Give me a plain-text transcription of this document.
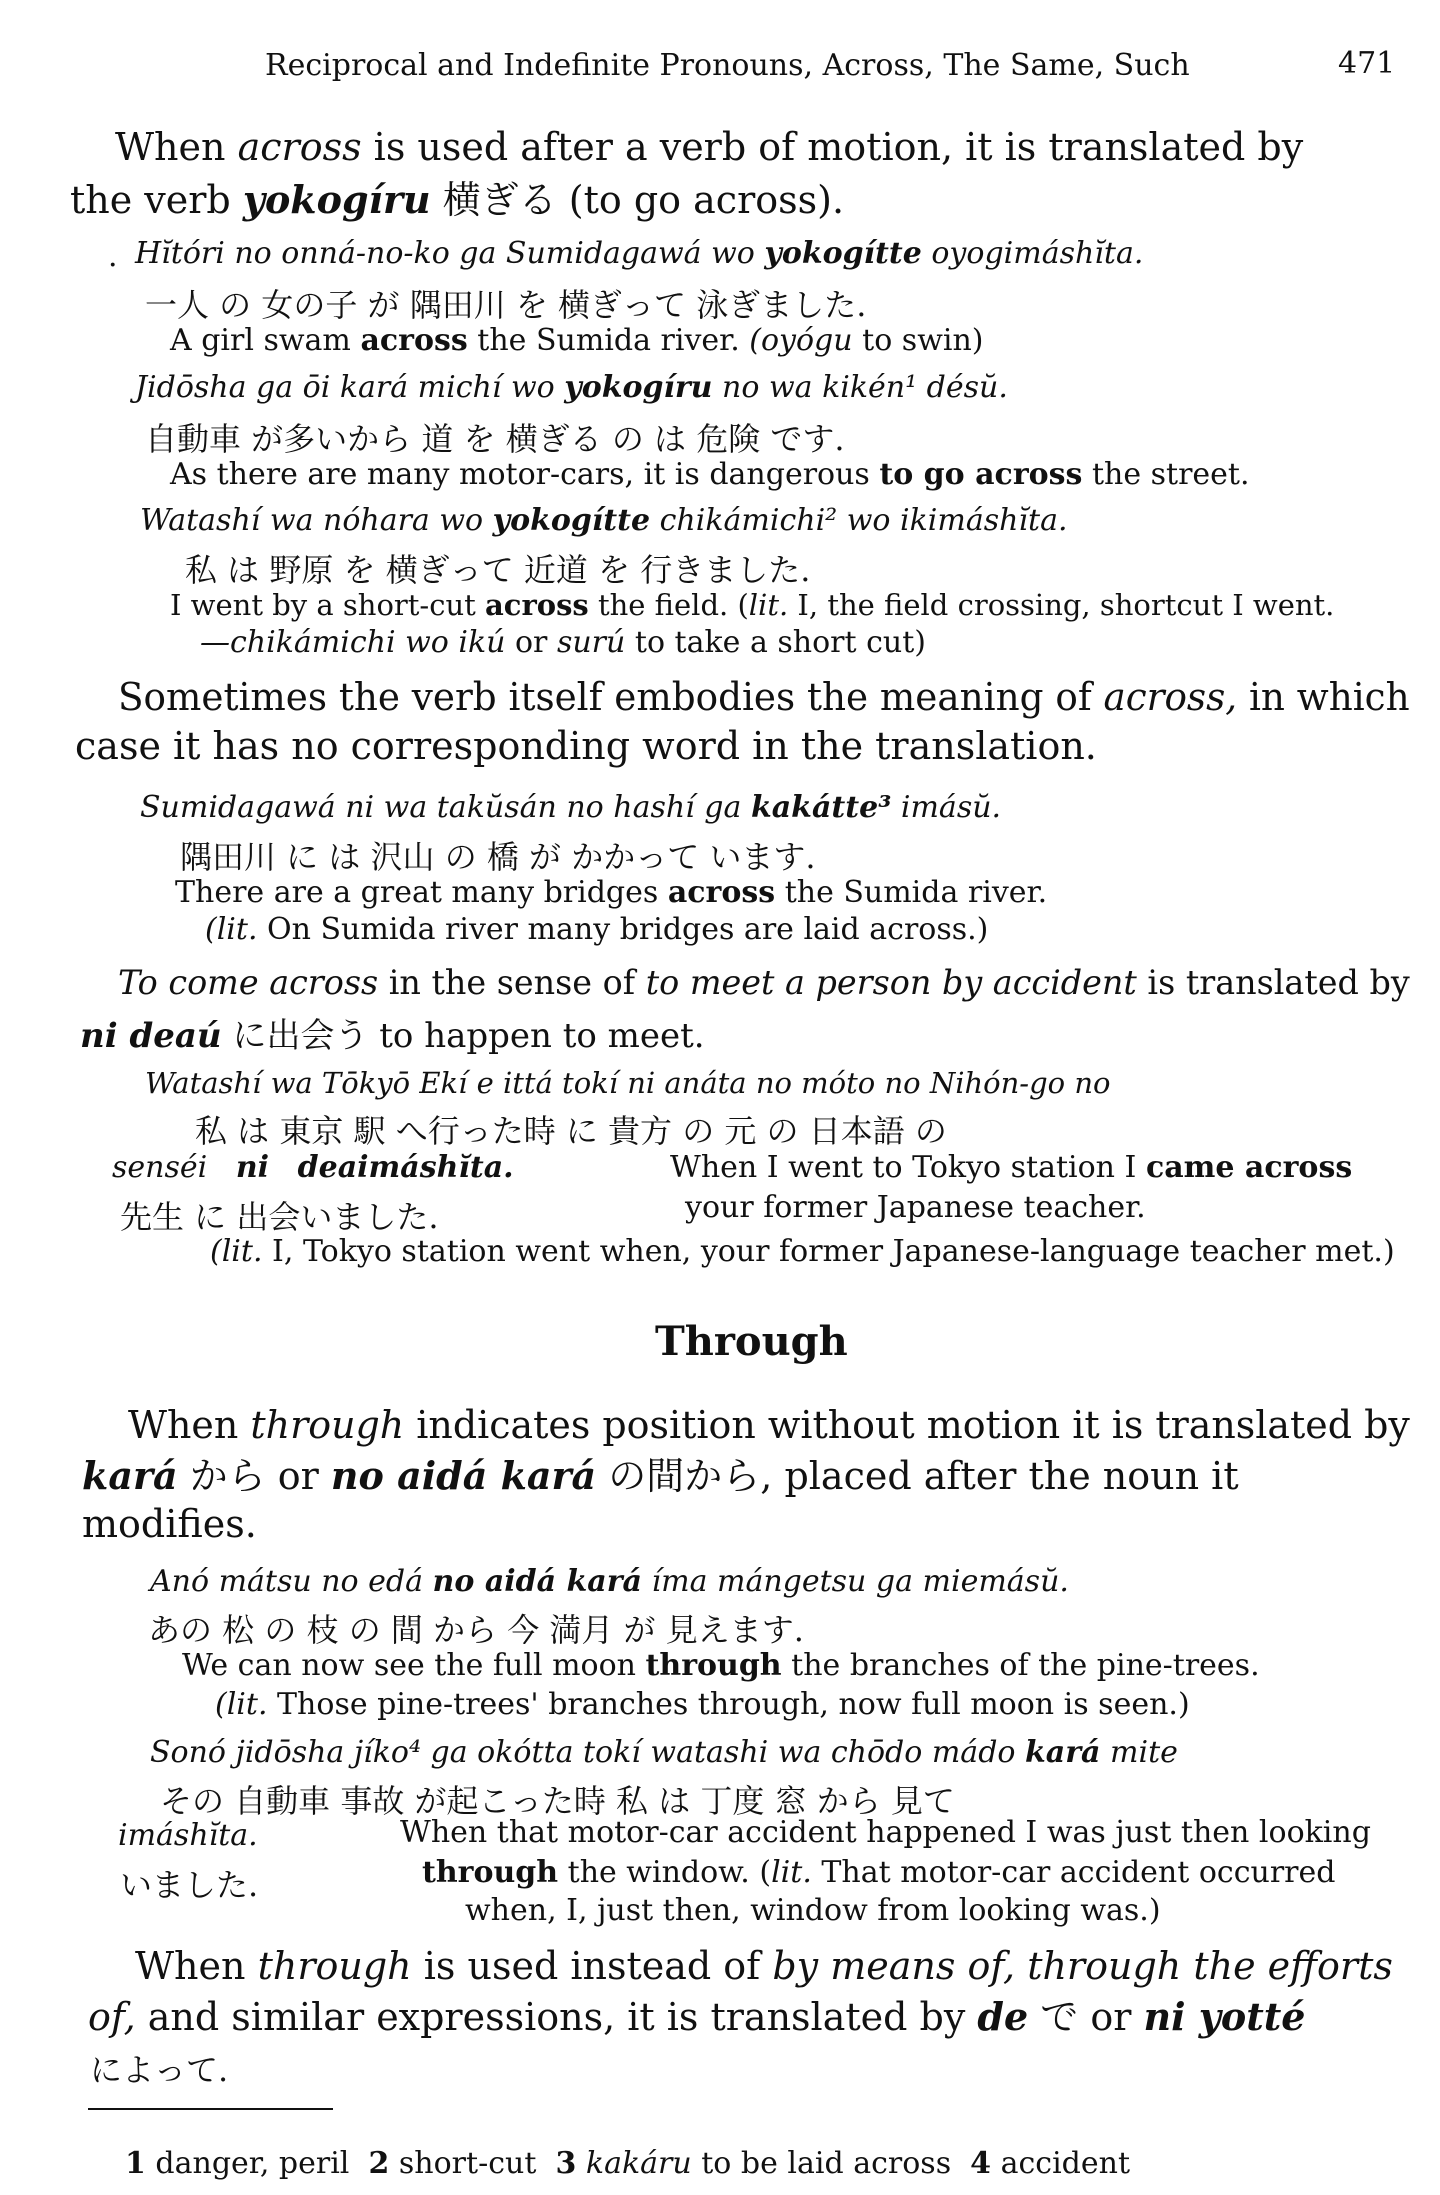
Reciprocal and Indefinite Pronouns, Across, The Same, Such	471
When across is used after a verb of motion, it is translated by
the verb yokogíru 横ぎる (to go across).
· Hĭtóri no onná-no-ko ga Sumidagawá wo yokogítte oyogimáshĭta.
一人 の 女の子 が 隅田川 を 横ぎって 泳ぎました.
A girl swam across the Sumida river. (oyógu to swin)
Jidōsha ga ōi kará michí wo yokogíru no wa kikén¹ désŭ.
自動車 が多いから 道 を 横ぎる の は 危険 です.
As there are many motor-cars, it is dangerous to go across the street.
Watashí wa nóhara wo yokogítte chikámichi² wo ikimáshĭta.
私 は 野原 を 横ぎって 近道 を 行きました.
I went by a short-cut across the field. (lit. I, the field crossing, shortcut I went.
—chikámichi wo ikú or surú to take a short cut)
Sometimes the verb itself embodies the meaning of across, in which
case it has no corresponding word in the translation.
Sumidagawá ni wa takŭsán no hashí ga kakátte³ imásŭ.
隅田川 に は 沢山 の 橋 が かかって います.
There are a great many bridges across the Sumida river.
(lit. On Sumida river many bridges are laid across.)
To come across in the sense of to meet a person by accident is translated by
ni deaú に出会う to happen to meet.
Watashí wa Tōkyō Ekí e ittá tokí ni anáta no móto no Nihón-go no
私 は 東京 駅 へ行った時 に 貴方 の 元 の 日本語 の
senséi ni deaimáshĭta.	When I went to Tokyo station I came across
先生 に 出会いました.	your former Japanese teacher.
(lit. I, Tokyo station went when, your former Japanese-language teacher met.)
Through
When through indicates position without motion it is translated by
kará から or no aidá kará の間から, placed after the noun it
modifies.
Anó mátsu no edá no aidá kará íma mángetsu ga miemásŭ.
あの 松 の 枝 の 間 から 今 満月 が 見えます.
We can now see the full moon through the branches of the pine-trees.
(lit. Those pine-trees' branches through, now full moon is seen.)
Sonó jidōsha jíko⁴ ga okótta tokí watashi wa chōdo mádo kará mite
その 自動車 事故 が起こった時 私 は 丁度 窓 から 見て
imáshĭta.	When that motor-car accident happened I was just then looking
いました.	through the window. (lit. That motor-car accident occurred
when, I, just then, window from looking was.)
When through is used instead of by means of, through the efforts
of, and similar expressions, it is translated by de で or ni yotté
によって.
1 danger, peril 2 short-cut 3 kakáru to be laid across 4 accident
